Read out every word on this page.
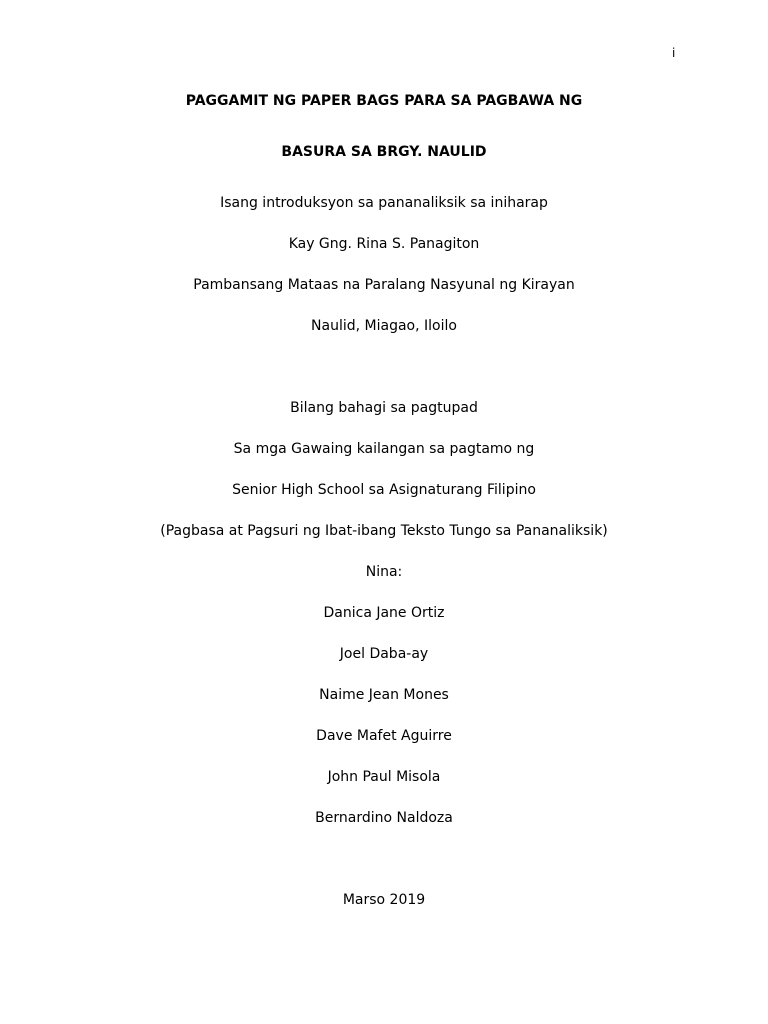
i
PAGGAMIT NG PAPER BAGS PARA SA PAGBAWA NG
BASURA SA BRGY. NAULID
Isang introduksyon sa pananaliksik sa iniharap
Kay Gng. Rina S. Panagiton
Pambansang Mataas na Paralang Nasyunal ng Kirayan
Naulid, Miagao, Iloilo
Bilang bahagi sa pagtupad
Sa mga Gawaing kailangan sa pagtamo ng
Senior High School sa Asignaturang Filipino
(Pagbasa at Pagsuri ng Ibat-ibang Teksto Tungo sa Pananaliksik)
Nina:
Danica Jane Ortiz
Joel Daba-ay
Naime Jean Mones
Dave Mafet Aguirre
John Paul Misola
Bernardino Naldoza
Marso 2019
